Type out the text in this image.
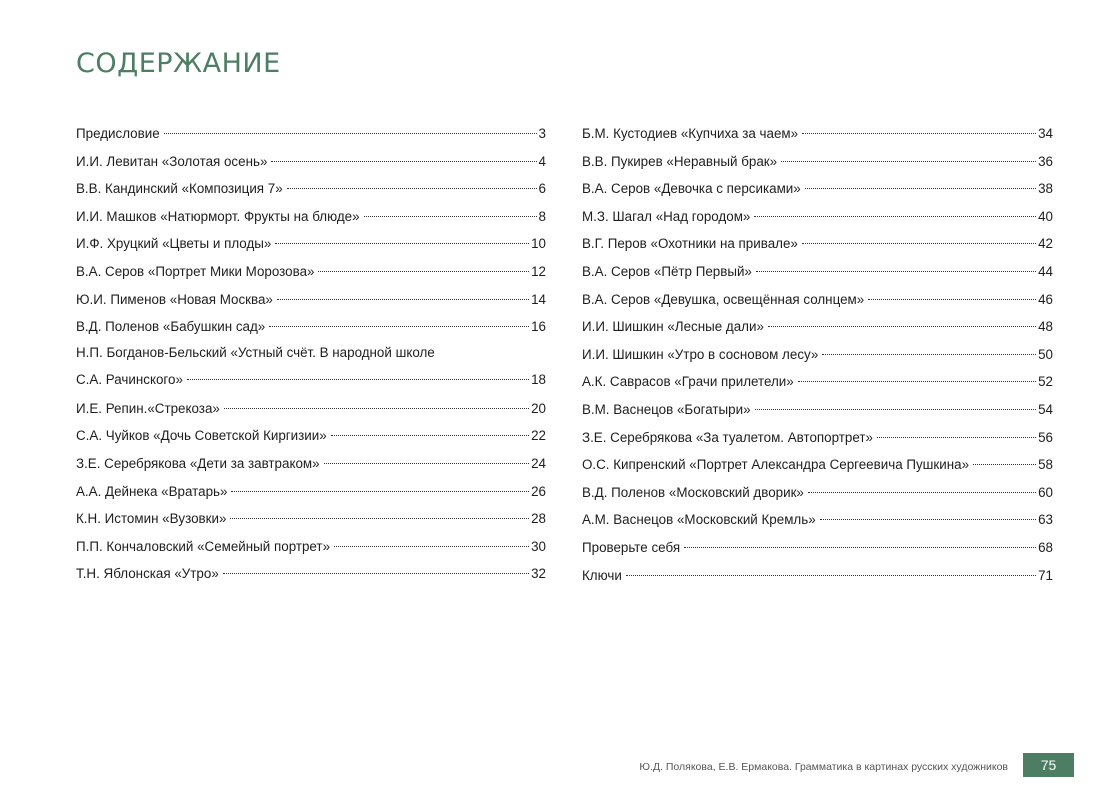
СОДЕРЖАНИЕ
Предисловие	3
И.И. Левитан «Золотая осень»	4
В.В. Кандинский «Композиция 7»	6
И.И. Машков «Натюрморт. Фрукты на блюде»	8
И.Ф. Хруцкий «Цветы и плоды»	10
В.А. Серов «Портрет Мики Морозова»	12
Ю.И. Пименов «Новая Москва»	14
В.Д. Поленов «Бабушкин сад»	16
Н.П. Богданов-Бельский «Устный счёт. В народной школе
С.А. Рачинского»	18
И.Е. Репин.«Стрекоза»	20
С.А. Чуйков «Дочь Советской Киргизии»	22
З.Е. Серебрякова «Дети за завтраком»	24
А.А. Дейнека «Вратарь»	26
К.Н. Истомин «Вузовки»	28
П.П. Кончаловский «Семейный портрет»	30
Т.Н. Яблонская «Утро»	32
Б.М. Кустодиев «Купчиха за чаем»	34
В.В. Пукирев «Неравный брак»	36
В.А. Серов «Девочка с персиками»	38
М.З. Шагал «Над городом»	40
В.Г. Перов «Охотники на привале»	42
В.А. Серов «Пётр Первый»	44
В.А. Серов «Девушка, освещённая солнцем»	46
И.И. Шишкин «Лесные дали»	48
И.И. Шишкин «Утро в сосновом лесу»	50
А.К. Саврасов «Грачи прилетели»	52
В.М. Васнецов «Богатыри»	54
З.Е. Серебрякова «За туалетом. Автопортрет»	56
О.С. Кипренский «Портрет Александра Сергеевича Пушкина»	58
В.Д. Поленов «Московский дворик»	60
А.М. Васнецов «Московский Кремль»	63
Проверьте себя	68
Ключи	71
Ю.Д. Полякова, Е.В. Ермакова. Грамматика в картинах русских художников	75
